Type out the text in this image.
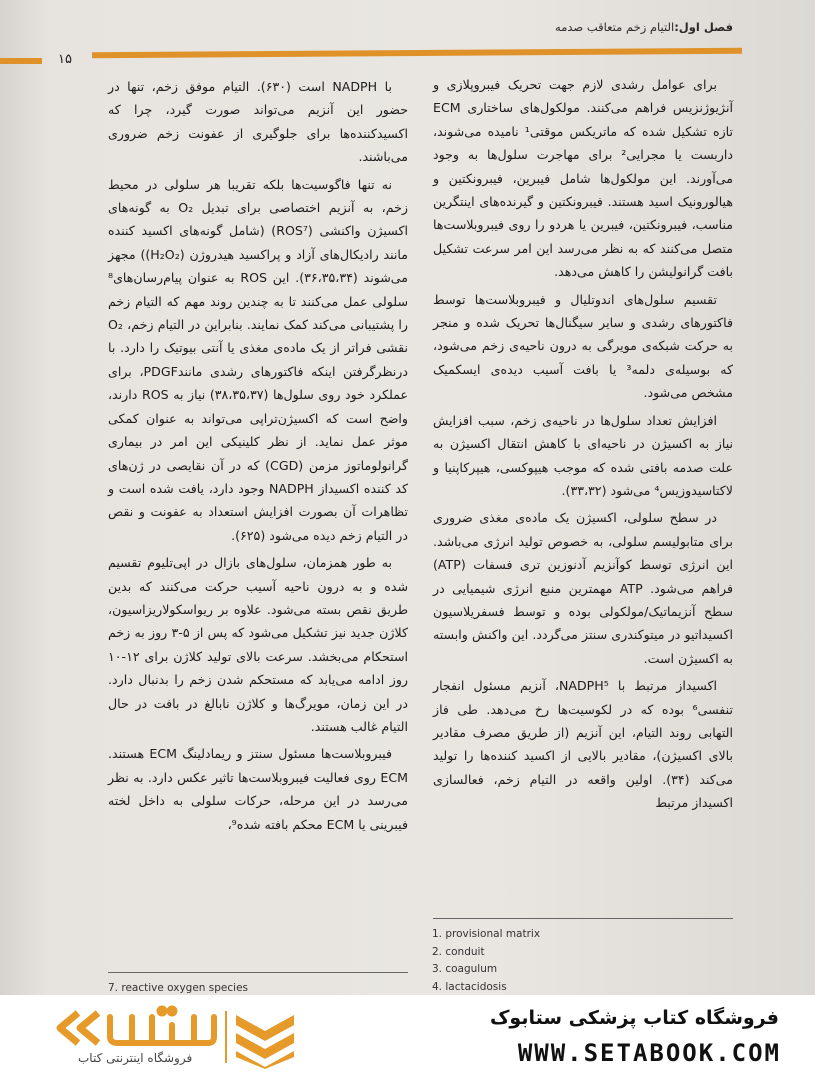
فصل اول:التیام زخم متعاقب صدمه
۱۵

برای عوامل رشدی لازم جهت تحریک فیبروپلازی و آنژیوژنزیس فراهم می‌کنند. مولکول‌های ساختاری ECM تازه تشکیل شده که ماتریکس موقتی¹ نامیده می‌شوند، داربست یا مجرایی² برای مهاجرت سلول‌ها به وجود می‌آورند. این مولکول‌ها شامل فیبرین، فیبرونکتین و هیالورونیک اسید هستند. فیبرونکتین و گیرنده‌های اینتگرین مناسب، فیبرونکتین، فیبرین یا هردو را روی فیبروبلاست‌ها متصل می‌کنند که به نظر می‌رسد این امر سرعت تشکیل بافت گرانولیشن را کاهش می‌دهد.

تقسیم سلول‌های اندوتلیال و فیبروبلاست‌ها توسط فاکتورهای رشدی و سایر سیگنال‌ها تحریک شده و منجر به حرکت شبکه‌ی مویرگی به درون ناحیه‌ی زخم می‌شود، که بوسیله‌ی دلمه³ یا بافت آسیب دیده‌ی ایسکمیک مشخص می‌شود.

افزایش تعداد سلول‌ها در ناحیه‌ی زخم، سبب افزایش نیاز به اکسیژن در ناحیه‌ای با کاهش انتقال اکسیژن به علت صدمه بافتی شده که موجب هیپوکسی، هیپرکاپنیا و لاکتاسیدوزیس⁴ می‌شود (۳۳،۳۲).

در سطح سلولی، اکسیژن یک ماده‌ی مغذی ضروری برای متابولیسم سلولی، به خصوص تولید انرژی می‌باشد. این انرژی توسط کوآنزیم آدنوزین تری فسفات (ATP) فراهم می‌شود. ATP مهمترین منبع انرژی شیمیایی در سطح آنزیماتیک/مولکولی بوده و توسط فسفریلاسیون اکسیداتیو در میتوکندری سنتز می‌گردد. این واکنش وابسته به اکسیژن است.

اکسیداز مرتبط با NADPH⁵، آنزیم مسئول انفجار تنفسی⁶ بوده که در لکوسیت‌ها رخ می‌دهد. طی فاز التهابی روند التیام، این آنزیم (از طریق مصرف مقادیر بالای اکسیژن)، مقادیر بالایی از اکسید کننده‌ها را تولید می‌کند (۳۴). اولین واقعه در التیام زخم، فعالسازی اکسیداز مرتبط

با NADPH است (۶۳۰). التیام موفق زخم، تنها در حضور این آنزیم می‌تواند صورت گیرد، چرا که اکسیدکننده‌ها برای جلوگیری از عفونت زخم ضروری می‌باشند.

نه تنها فاگوسیت‌ها بلکه تقریبا هر سلولی در محیط زخم، به آنزیم اختصاصی برای تبدیل O₂ به گونه‌های اکسیژن واکنشی (ROS⁷) (شامل گونه‌های اکسید کننده مانند رادیکال‌های آزاد و پراکسید هیدروژن (H₂O₂)) مجهز می‌شوند (۳۶،۳۵،۳۴). این ROS به عنوان پیام‌رسان‌های⁸ سلولی عمل می‌کنند تا به چندین روند مهم که التیام زخم را پشتیبانی می‌کند کمک نمایند. بنابراین در التیام زخم، O₂ نقشی فراتر از یک ماده‌ی مغذی یا آنتی بیوتیک را دارد. با درنظرگرفتن اینکه فاکتورهای رشدی مانندPDGF، برای عملکرد خود روی سلول‌ها (۳۸،۳۵،۳۷) نیاز به ROS دارند، واضح است که اکسیژن‌تراپی می‌تواند به عنوان کمکی موثر عمل نماید. از نظر کلینیکی این امر در بیماری گرانولوماتوز مزمن (CGD) که در آن نقایصی در ژن‌های کد کننده اکسیداز NADPH وجود دارد، یافت شده است و تظاهرات آن بصورت افزایش استعداد به عفونت و نقص در التیام زخم دیده می‌شود (۶۲۵).

به طور همزمان، سلول‌های بازال در اپی‌تلیوم تقسیم شده و به درون ناحیه آسیب حرکت می‌کنند که بدین طریق نقص بسته می‌شود. علاوه بر ریواسکولاریزاسیون، کلاژن جدید نیز تشکیل می‌شود که پس از ۵-۳ روز به زخم استحکام می‌بخشد. سرعت بالای تولید کلاژن برای ۱۲-۱۰ روز ادامه می‌یابد که مستحکم شدن زخم را بدنبال دارد. در این زمان، مویرگ‌ها و کلاژن نابالغ در بافت در حال التیام غالب هستند.

فیبروبلاست‌ها مسئول سنتز و ریمادلینگ ECM هستند. ECM روی فعالیت فیبروبلاست‌ها تاثیر عکس دارد. به نظر می‌رسد در این مرحله، حرکات سلولی به داخل لخته فیبرینی یا ECM محکم بافته شده⁹،

1. provisional matrix
2. conduit
3. coagulum
4. lactacidosis
7. reactive oxygen species
فروشگاه اینترنتی کتاب
فروشگاه کتاب پزشکی ستابوک
WWW.SETABOOK.COM
